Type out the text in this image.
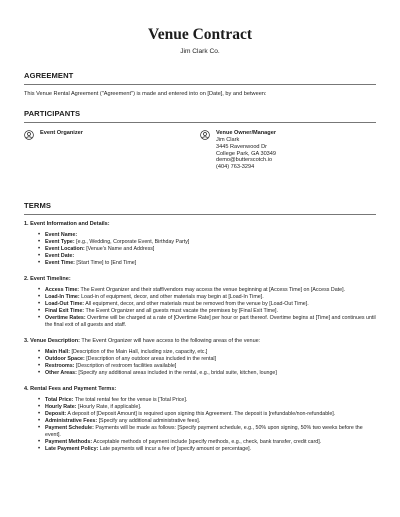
Venue Contract
Jim Clark Co.
AGREEMENT
This Venue Rental Agreement ("Agreement") is made and entered into on [Date], by and between:
PARTICIPANTS
Event Organizer	Venue Owner/Manager
Jim Clark
3445 Ravenwood Dr
College Park, GA 30349
demo@butterscotch.io
(404) 763-3294
TERMS
1. Event Information and Details:
• Event Name:
• Event Type: [e.g., Wedding, Corporate Event, Birthday Party]
• Event Location: [Venue's Name and Address]
• Event Date:
• Event Time: [Start Time] to [End Time]
2. Event Timeline:
• Access Time: The Event Organizer and their staff/vendors may access the venue beginning at [Access Time] on [Access Date].
• Load-In Time: Load-in of equipment, decor, and other materials may begin at [Load-In Time].
• Load-Out Time: All equipment, decor, and other materials must be removed from the venue by [Load-Out Time].
• Final Exit Time: The Event Organizer and all guests must vacate the premises by [Final Exit Time].
• Overtime Rates: Overtime will be charged at a rate of [Overtime Rate] per hour or part thereof. Overtime begins at [Time] and continues until the final exit of all guests and staff.
3. Venue Description: The Event Organizer will have access to the following areas of the venue:
• Main Hall: [Description of the Main Hall, including size, capacity, etc.]
• Outdoor Space: [Description of any outdoor areas included in the rental]
• Restrooms: [Description of restroom facilities available]
• Other Areas: [Specify any additional areas included in the rental, e.g., bridal suite, kitchen, lounge]
4. Rental Fees and Payment Terms:
• Total Price: The total rental fee for the venue is [Total Price].
• Hourly Rate: [Hourly Rate, if applicable].
• Deposit: A deposit of [Deposit Amount] is required upon signing this Agreement. The deposit is [refundable/non-refundable].
• Administrative Fees: [Specify any additional administrative fees].
• Payment Schedule: Payments will be made as follows: [Specify payment schedule, e.g., 50% upon signing, 50% two weeks before the event].
• Payment Methods: Acceptable methods of payment include [specify methods, e.g., check, bank transfer, credit card].
• Late Payment Policy: Late payments will incur a fee of [specify amount or percentage].
